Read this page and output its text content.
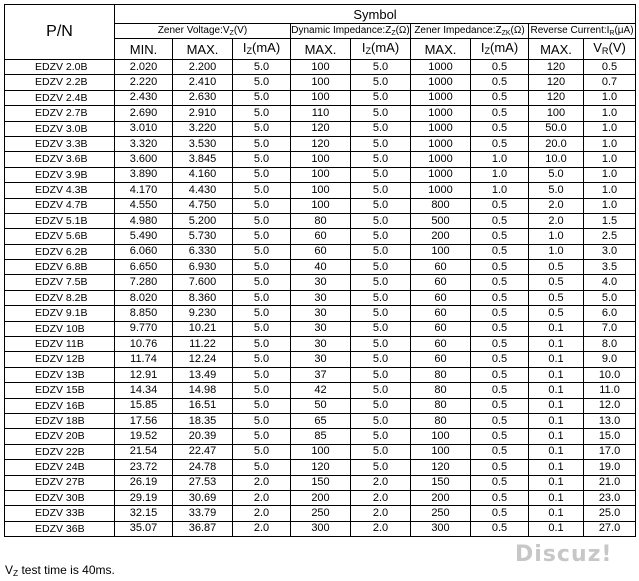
P/N	Symbol								
	Zener $Voltage:V_Z(V)$			Dynamic $Impedance:Z_Z(\Omega)$		Zener $Impedance:Z_{ZK}(\Omega)$		Reverse $Current:I_R(\mu A)$	
	MIN.	MAX.	$I_Z(mA)$	MAX.	$I_Z(mA)$	MAX.	$I_Z(mA)$	MAX.	$V_R(V)$
EDZV 2.0B	2.020	2.200	5.0	100	5.0	1000	0.5	120	0.5
EDZV 2.2B	2.220	2.410	5.0	100	5.0	1000	0.5	120	0.7
EDZV 2.4B	2.430	2.630	5.0	100	5.0	1000	0.5	120	1.0
EDZV 2.7B	2.690	2.910	5.0	110	5.0	1000	0.5	100	1.0
EDZV 3.0B	3.010	3.220	5.0	120	5.0	1000	0.5	50.0	1.0
EDZV 3.3B	3.320	3.530	5.0	120	5.0	1000	0.5	20.0	1.0
EDZV 3.6B	3.600	3.845	5.0	100	5.0	1000	1.0	10.0	1.0
EDZV 3.9B	3.890	4.160	5.0	100	5.0	1000	1.0	5.0	1.0
EDZV 4.3B	4.170	4.430	5.0	100	5.0	1000	1.0	5.0	1.0
EDZV 4.7B	4.550	4.750	5.0	100	5.0	800	0.5	2.0	1.0
EDZV 5.1B	4.980	5.200	5.0	80	5.0	500	0.5	2.0	1.5
EDZV 5.6B	5.490	5.730	5.0	60	5.0	200	0.5	1.0	2.5
EDZV 6.2B	6.060	6.330	5.0	60	5.0	100	0.5	1.0	3.0
EDZV 6.8B	6.650	6.930	5.0	40	5.0	60	0.5	0.5	3.5
EDZV 7.5B	7.280	7.600	5.0	30	5.0	60	0.5	0.5	4.0
EDZV 8.2B	8.020	8.360	5.0	30	5.0	60	0.5	0.5	5.0
EDZV 9.1B	8.850	9.230	5.0	30	5.0	60	0.5	0.5	6.0
EDZV 10B	9.770	10.21	5.0	30	5.0	60	0.5	0.1	7.0
EDZV 11B	10.76	11.22	5.0	30	5.0	60	0.5	0.1	8.0
EDZV 12B	11.74	12.24	5.0	30	5.0	60	0.5	0.1	9.0
EDZV 13B	12.91	13.49	5.0	37	5.0	80	0.5	0.1	10.0
EDZV 15B	14.34	14.98	5.0	42	5.0	80	0.5	0.1	11.0
EDZV 16B	15.85	16.51	5.0	50	5.0	80	0.5	0.1	12.0
EDZV 18B	17.56	18.35	5.0	65	5.0	80	0.5	0.1	13.0
EDZV 20B	19.52	20.39	5.0	85	5.0	100	0.5	0.1	15.0
EDZV 22B	21.54	22.47	5.0	100	5.0	100	0.5	0.1	17.0
EDZV 24B	23.72	24.78	5.0	120	5.0	120	0.5	0.1	19.0
EDZV 27B	26.19	27.53	2.0	150	2.0	150	0.5	0.1	21.0
EDZV 30B	29.19	30.69	2.0	200	2.0	200	0.5	0.1	23.0
EDZV 33B	32.15	33.79	2.0	250	2.0	250	0.5	0.1	25.0
EDZV 36B	35.07	36.87	2.0	300	2.0	300	0.5	0.1	27.0
$V_Z$ test time is 40ms.
Discuz!
